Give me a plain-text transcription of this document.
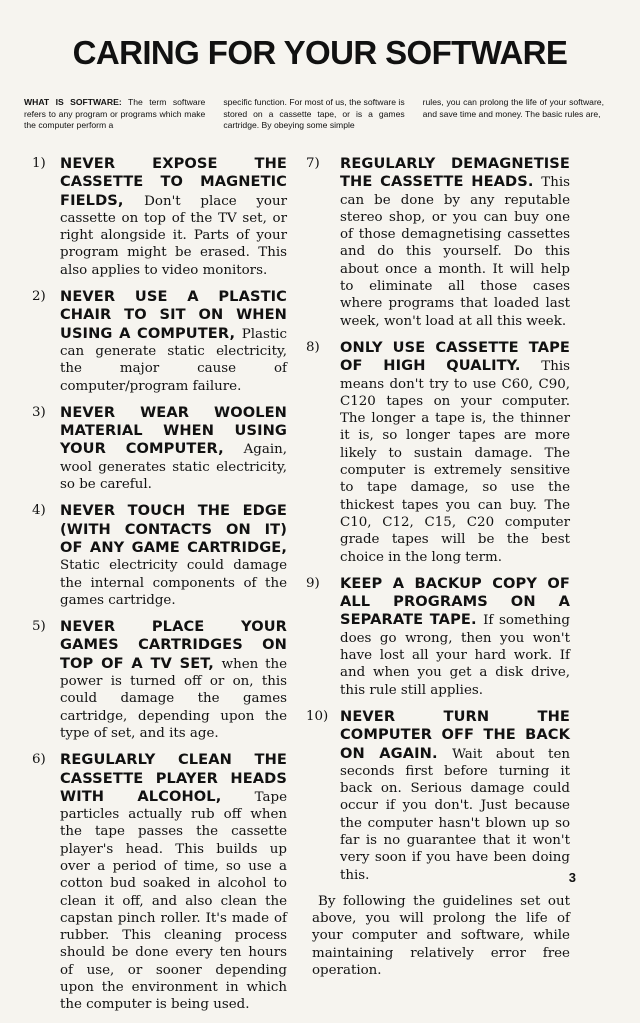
CARING FOR YOUR SOFTWARE
WHAT IS SOFTWARE: The term software refers to any program or programs which make the computer perform a
specific function. For most of us, the software is stored on a cassette tape, or is a games cartridge. By obeying some simple
rules, you can prolong the life of your software, and save time and money. The basic rules are,
1) NEVER EXPOSE THE CASSETTE TO MAGNETIC FIELDS, Don't place your cassette on top of the TV set, or right alongside it. Parts of your program might be erased. This also applies to video monitors.
2) NEVER USE A PLASTIC CHAIR TO SIT ON WHEN USING A COMPUTER, Plastic can generate static electricity, the major cause of computer/program failure.
3) NEVER WEAR WOOLEN MATERIAL WHEN USING YOUR COMPUTER, Again, wool generates static electricity, so be careful.
4) NEVER TOUCH THE EDGE (WITH CONTACTS ON IT) OF ANY GAME CARTRIDGE, Static electricity could damage the internal components of the games cartridge.
5) NEVER PLACE YOUR GAMES CARTRIDGES ON TOP OF A TV SET, when the power is turned off or on, this could damage the games cartridge, depending upon the type of set, and its age.
6) REGULARLY CLEAN THE CASSETTE PLAYER HEADS WITH ALCOHOL, Tape particles actually rub off when the tape passes the cassette player's head. This builds up over a period of time, so use a cotton bud soaked in alcohol to clean it off, and also clean the capstan pinch roller. It's made of rubber. This cleaning process should be done every ten hours of use, or sooner depending upon the environment in which the computer is being used.
7) REGULARLY DEMAGNETISE THE CASSETTE HEADS. This can be done by any reputable stereo shop, or you can buy one of those demagnetising cassettes and do this yourself. Do this about once a month. It will help to eliminate all those cases where programs that loaded last week, won't load at all this week.
8) ONLY USE CASSETTE TAPE OF HIGH QUALITY. This means don't try to use C60, C90, C120 tapes on your computer. The longer a tape is, the thinner it is, so longer tapes are more likely to sustain damage. The computer is extremely sensitive to tape damage, so use the thickest tapes you can buy. The C10, C12, C15, C20 computer grade tapes will be the best choice in the long term.
9) KEEP A BACKUP COPY OF ALL PROGRAMS ON A SEPARATE TAPE. If something does go wrong, then you won't have lost all your hard work. If and when you get a disk drive, this rule still applies.
10) NEVER TURN THE COMPUTER OFF THE BACK ON AGAIN. Wait about ten seconds first before turning it back on. Serious damage could occur if you don't. Just because the computer hasn't blown up so far is no guarantee that it won't very soon if you have been doing this.

By following the guidelines set out above, you will prolong the life of your computer and software, while maintaining relatively error free operation.

3
